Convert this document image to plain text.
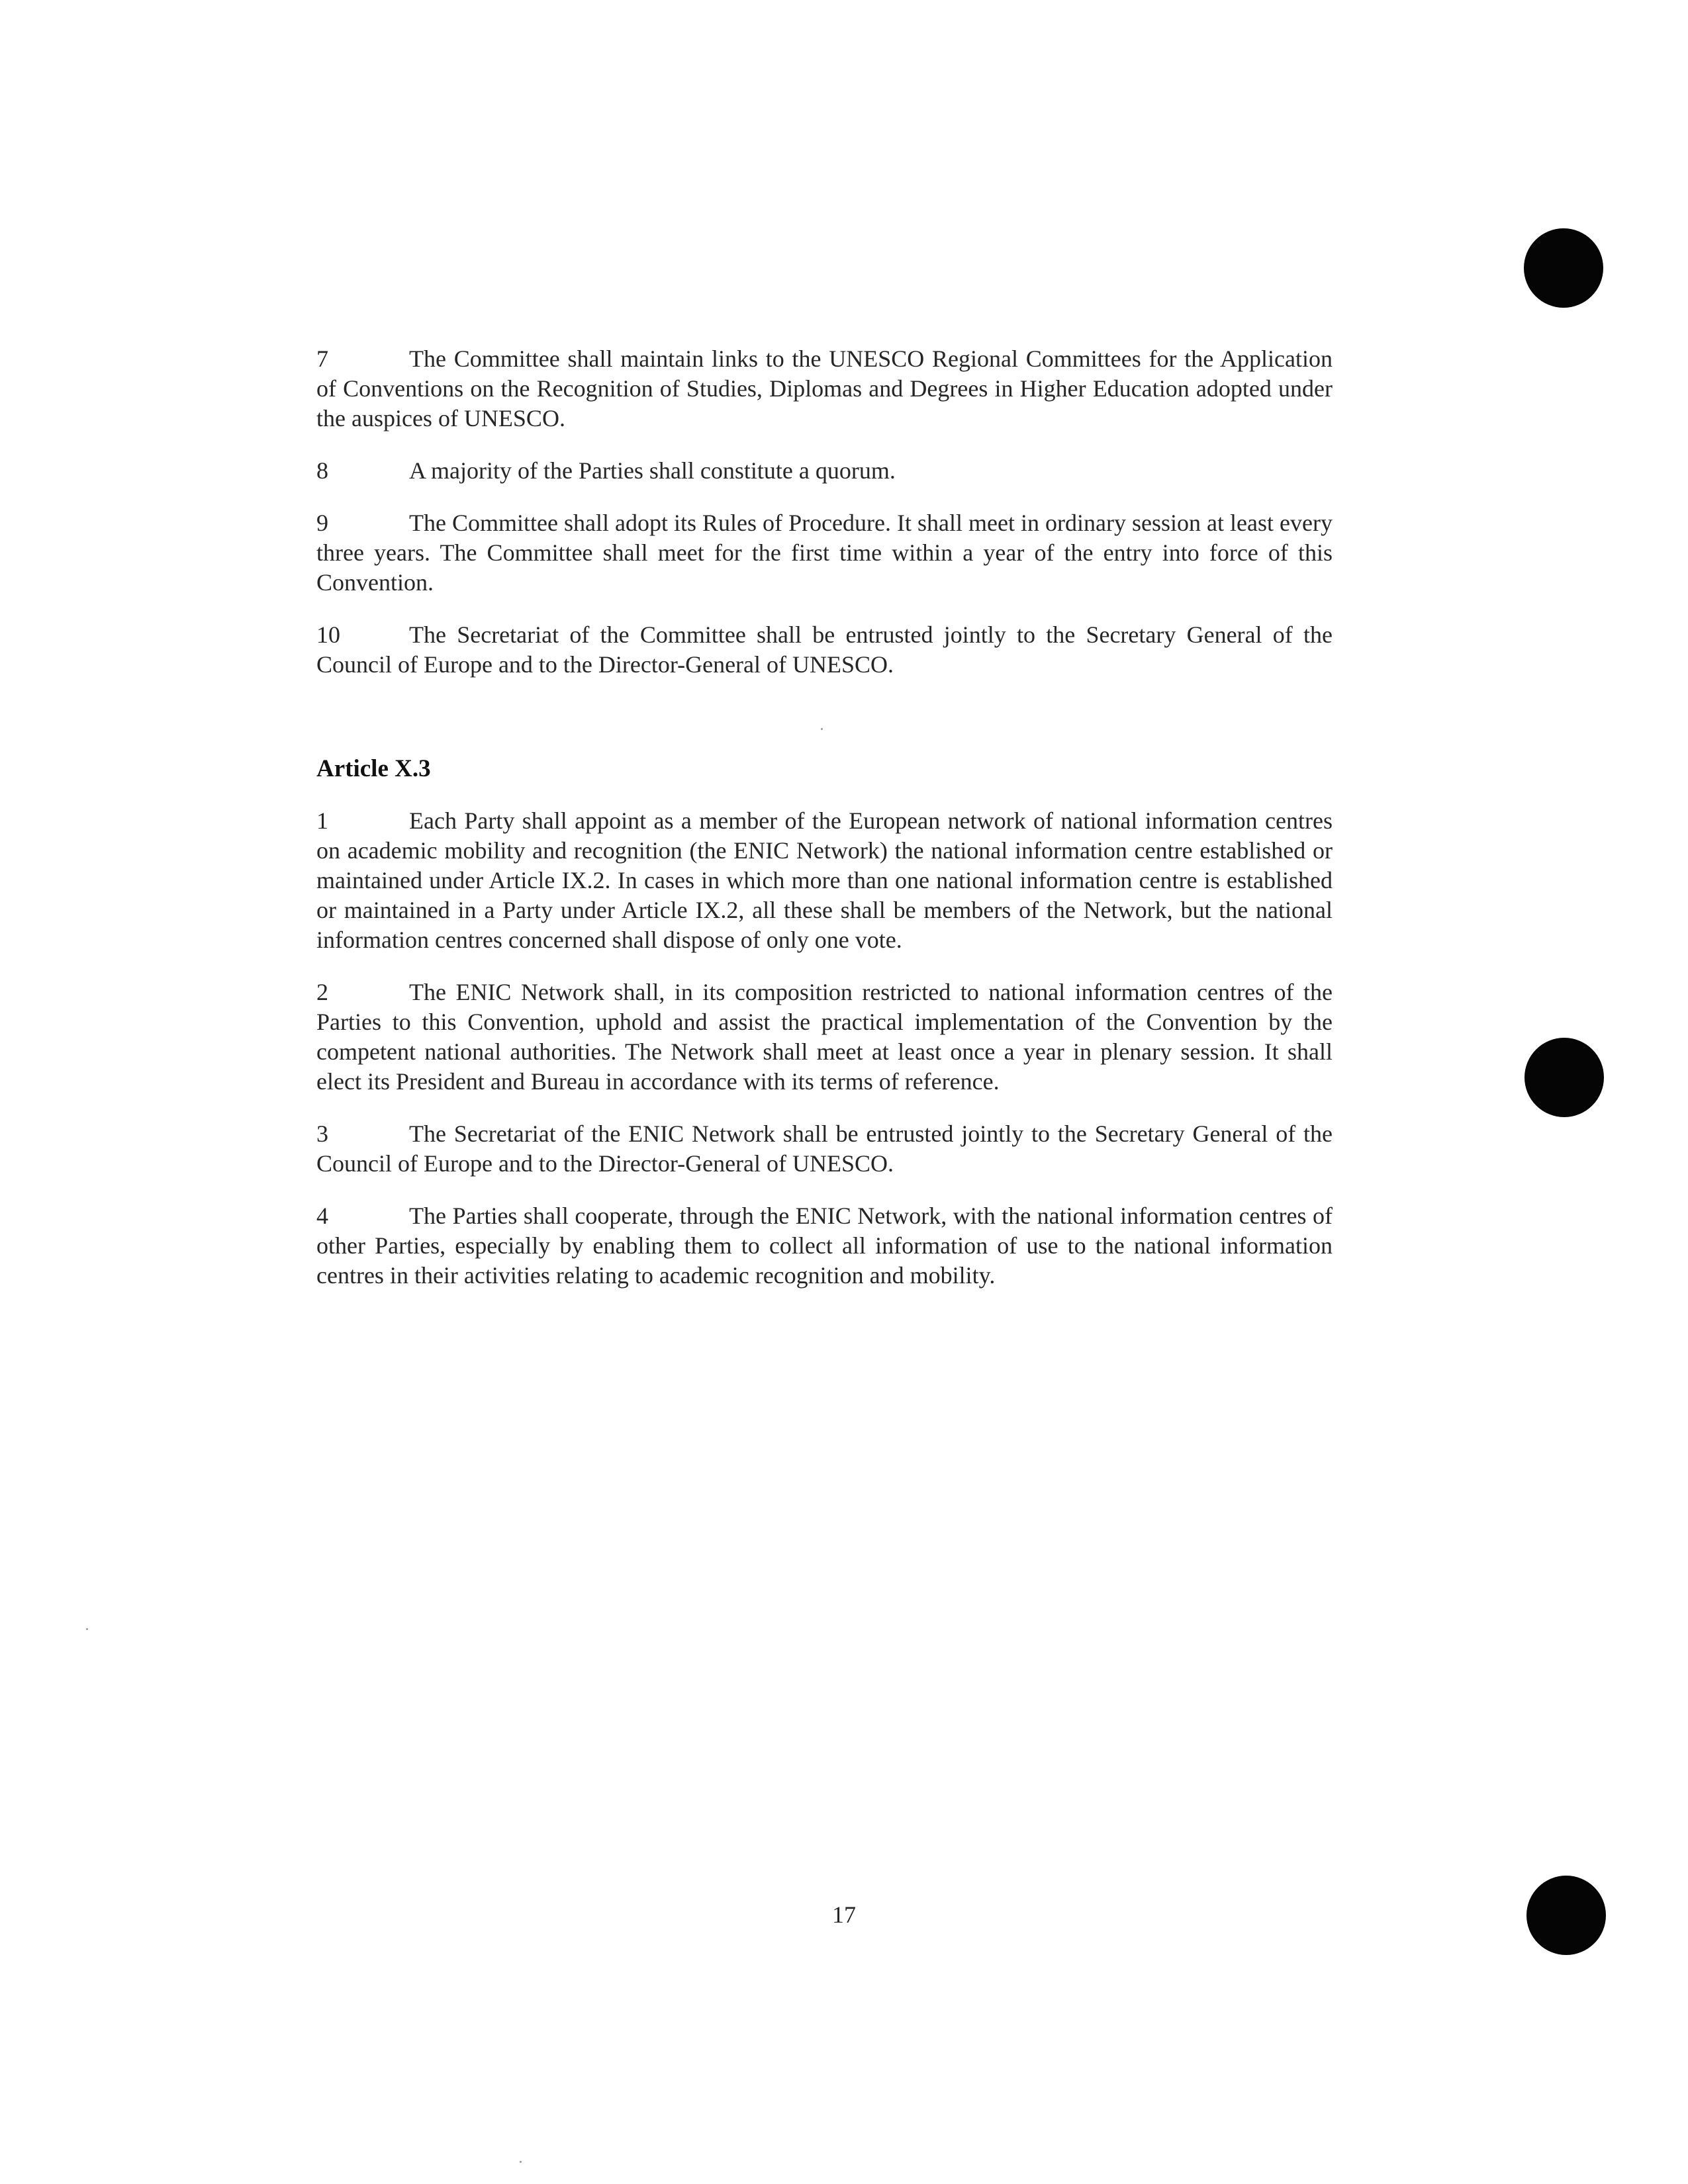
7	The Committee shall maintain links to the UNESCO Regional Committees for the Application of Conventions on the Recognition of Studies, Diplomas and Degrees in Higher Education adopted under the auspices of UNESCO.

8	A majority of the Parties shall constitute a quorum.

9	The Committee shall adopt its Rules of Procedure. It shall meet in ordinary session at least every three years. The Committee shall meet for the first time within a year of the entry into force of this Convention.

10	The Secretariat of the Committee shall be entrusted jointly to the Secretary General of the Council of Europe and to the Director-General of UNESCO.

Article X.3

1	Each Party shall appoint as a member of the European network of national information centres on academic mobility and recognition (the ENIC Network) the national information centre established or maintained under Article IX.2. In cases in which more than one national information centre is established or maintained in a Party under Article IX.2, all these shall be members of the Network, but the national information centres concerned shall dispose of only one vote.

2	The ENIC Network shall, in its composition restricted to national information centres of the Parties to this Convention, uphold and assist the practical implementation of the Convention by the competent national authorities. The Network shall meet at least once a year in plenary session. It shall elect its President and Bureau in accordance with its terms of reference.

3	The Secretariat of the ENIC Network shall be entrusted jointly to the Secretary General of the Council of Europe and to the Director-General of UNESCO.

4	The Parties shall cooperate, through the ENIC Network, with the national information centres of other Parties, especially by enabling them to collect all information of use to the national information centres in their activities relating to academic recognition and mobility.

17
